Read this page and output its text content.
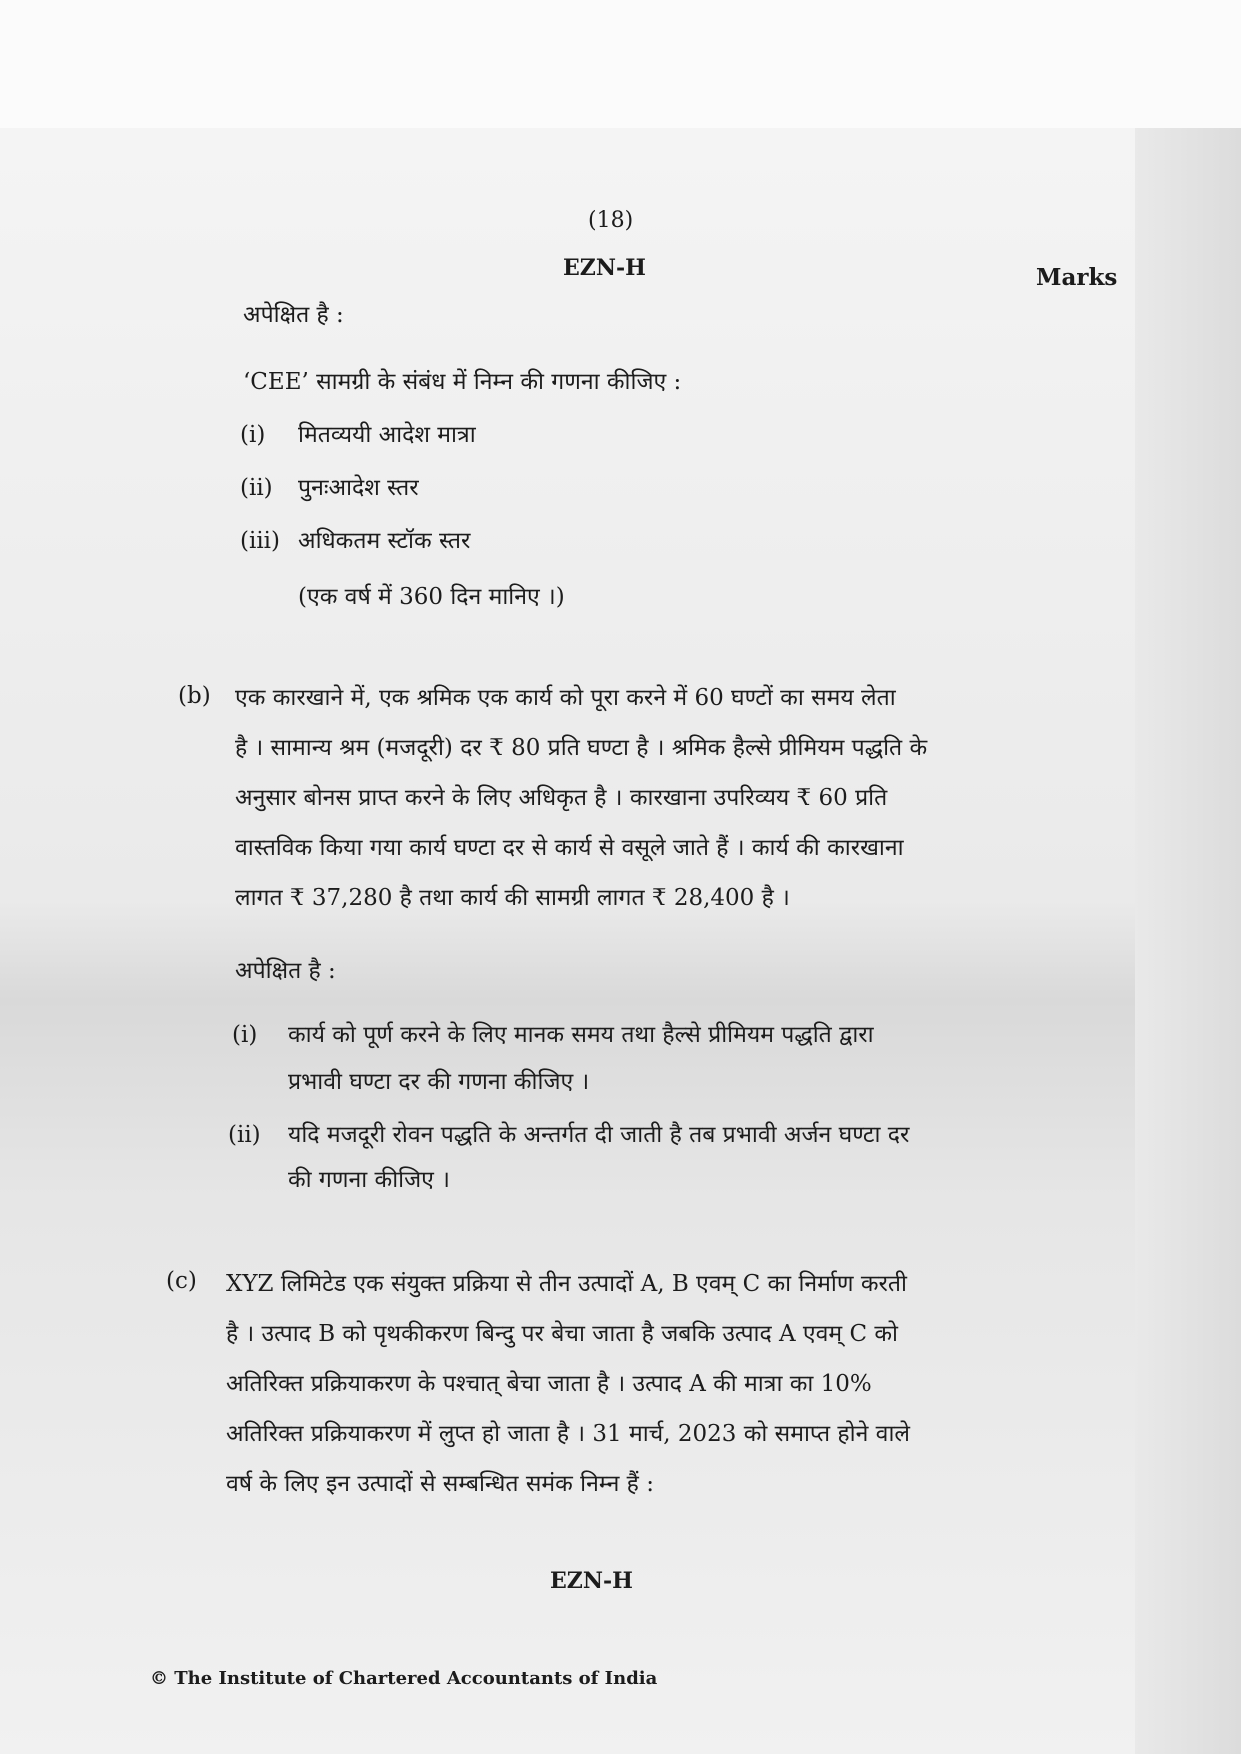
(18)
EZN-H	Marks
अपेक्षित है :
‘CEE’ सामग्री के संबंध में निम्न की गणना कीजिए :
(i) मितव्ययी आदेश मात्रा
(ii) पुनःआदेश स्तर
(iii) अधिकतम स्टॉक स्तर
(एक वर्ष में 360 दिन मानिए ।)
(b) एक कारखाने में, एक श्रमिक एक कार्य को पूरा करने में 60 घण्टों का समय लेता
है । सामान्य श्रम (मजदूरी) दर ₹ 80 प्रति घण्टा है । श्रमिक हैल्से प्रीमियम पद्धति के
अनुसार बोनस प्राप्त करने के लिए अधिकृत है । कारखाना उपरिव्यय ₹ 60 प्रति
वास्तविक किया गया कार्य घण्टा दर से कार्य से वसूले जाते हैं । कार्य की कारखाना
लागत ₹ 37,280 है तथा कार्य की सामग्री लागत ₹ 28,400 है ।
अपेक्षित है :
(i) कार्य को पूर्ण करने के लिए मानक समय तथा हैल्से प्रीमियम पद्धति द्वारा
प्रभावी घण्टा दर की गणना कीजिए ।
(ii) यदि मजदूरी रोवन पद्धति के अन्तर्गत दी जाती है तब प्रभावी अर्जन घण्टा दर
की गणना कीजिए ।
(c) XYZ लिमिटेड एक संयुक्त प्रक्रिया से तीन उत्पादों A, B एवम् C का निर्माण करती
है । उत्पाद B को पृथकीकरण बिन्दु पर बेचा जाता है जबकि उत्पाद A एवम् C को
अतिरिक्त प्रक्रियाकरण के पश्चात् बेचा जाता है । उत्पाद A की मात्रा का 10%
अतिरिक्त प्रक्रियाकरण में लुप्त हो जाता है । 31 मार्च, 2023 को समाप्त होने वाले
वर्ष के लिए इन उत्पादों से सम्बन्धित समंक निम्न हैं :
EZN-H
© The Institute of Chartered Accountants of India
